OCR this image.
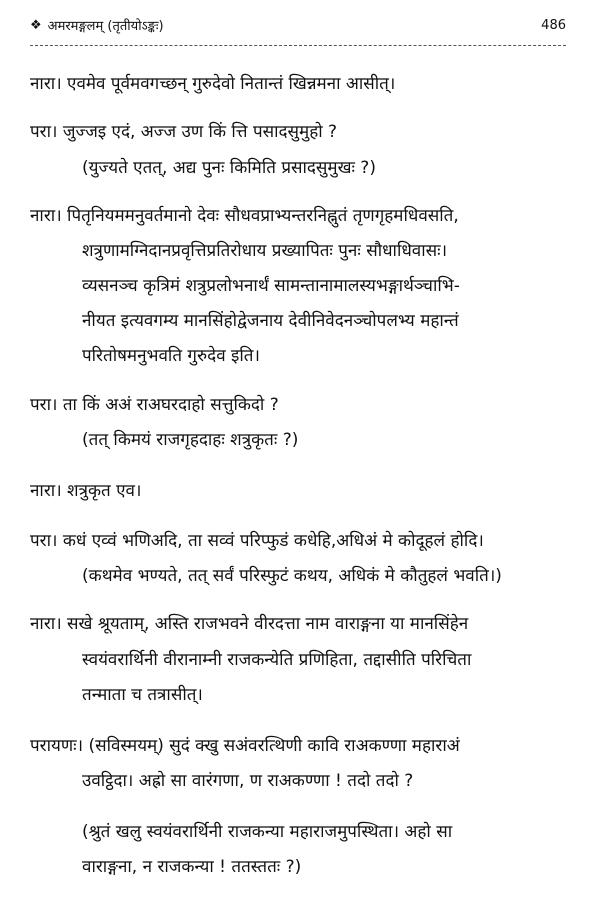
❖ अमरमङ्गलम् (तृतीयोऽङ्कः)	486
नारा। एवमेव पूर्वमवगच्छन् गुरुदेवो नितान्तं खिन्नमना आसीत्।
परा। जुज्जइ एदं, अज्ज उण किं त्ति पसादसुमुहो ?
(युज्यते एतत्, अद्य पुनः किमिति प्रसादसुमुखः ?)
नारा। पितृनियममनुवर्तमानो देवः सौधवप्राभ्यन्तरनिह्नुतं तृणगृहमधिवसति,
शत्रुणामग्निदानप्रवृत्तिप्रतिरोधाय प्रख्यापितः पुनः सौधाधिवासः।
व्यसनञ्च कृत्रिमं शत्रुप्रलोभनार्थं सामन्तानामालस्यभङ्गार्थञ्चाभि-
नीयत इत्यवगम्य मानसिंहोद्वेजनाय देवीनिवेदनञ्चोपलभ्य महान्तं
परितोषमनुभवति गुरुदेव इति।
परा। ता किं अअं राअघरदाहो सत्तुकिदो ?
(तत् किमयं राजगृहदाहः शत्रुकृतः ?)
नारा। शत्रुकृत एव।
परा। कधं एव्वं भणिअदि, ता सव्वं परिप्फुडं कधेहि,अधिअं मे कोदूहलं होदि।
(कथमेव भण्यते, तत् सर्वं परिस्फुटं कथय, अधिकं मे कौतुहलं भवति।)
नारा। सखे श्रूयताम्, अस्ति राजभवने वीरदत्ता नाम वाराङ्गना या मानसिंहेन
स्वयंवरार्थिनी वीरानाम्नी राजकन्येति प्रणिहिता, तद्दासीति परिचिता
तन्माता च तत्रासीत्।
परायणः। (सविस्मयम्) सुदं क्खु सअंवरत्थिणी कावि राअकण्णा महाराअं
उवट्ठिदा। अह्रो सा वारंगणा, ण राअकण्णा ! तदो तदो ?
(श्रुतं खलु स्वयंवरार्थिनी राजकन्या महाराजमुपस्थिता। अहो सा
वाराङ्गना, न राजकन्या ! ततस्ततः ?)
